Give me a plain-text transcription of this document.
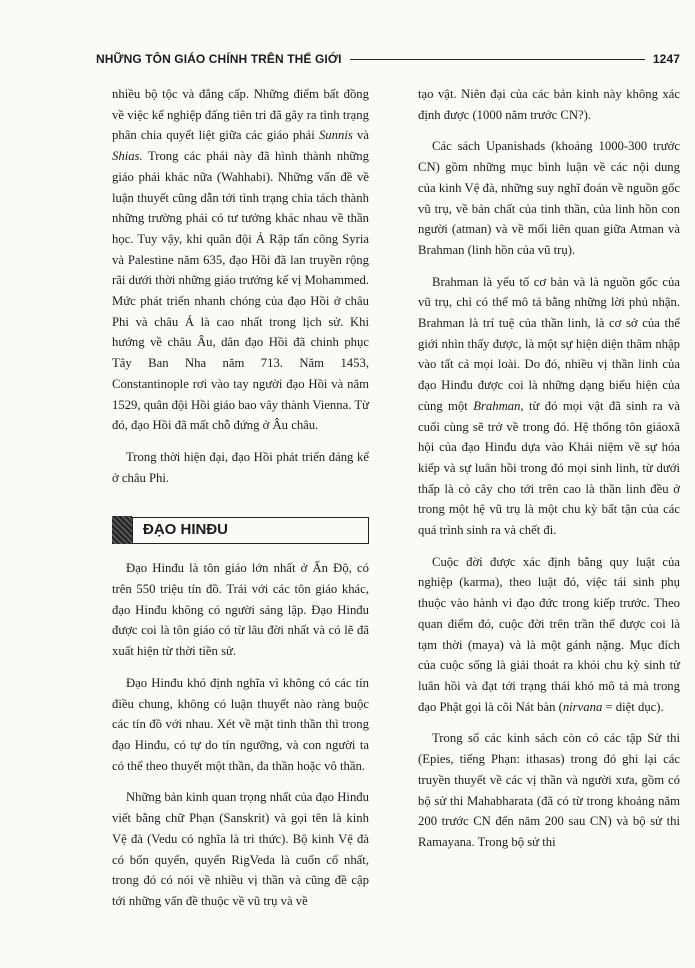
NHỮNG TÔN GIÁO CHÍNH TRÊN THẾ GIỚI	1247

nhiều bộ tộc và đẳng cấp. Những điểm bất đồng về việc kế nghiệp đấng tiên tri đã gây ra tình trạng phân chia quyết liệt giữa các giáo phái Sunnis và Shias. Trong các phái này đã hình thành những giáo phái khác nữa (Wahhabi). Những vấn đề về luận thuyết cũng dẫn tới tình trạng chia tách thành những trường phái có tư tưởng khác nhau về thần học. Tuy vậy, khi quân đội Ả Rập tấn công Syria và Palestine năm 635, đạo Hồi đã lan truyền rộng rãi dưới thời những giáo trưởng kế vị Mohammed. Mức phát triển nhanh chóng của đạo Hồi ở châu Phi và châu Á là cao nhất trong lịch sử. Khi hướng về châu Âu, dân đạo Hồi đã chinh phục Tây Ban Nha năm 713. Năm 1453, Constantinople rơi vào tay người đạo Hồi và năm 1529, quân đội Hồi giáo bao vây thành Vienna. Từ đó, đạo Hồi đã mất chỗ đứng ở Âu châu.

Trong thời hiện đại, đạo Hồi phát triển đáng kể ở châu Phi.

ĐẠO HINĐU

Đạo Hinđu là tôn giáo lớn nhất ở Ấn Độ, có trên 550 triệu tín đồ. Trái với các tôn giáo khác, đạo Hinđu không có người sáng lập. Đạo Hinđu được coi là tôn giáo có từ lâu đời nhất và có lẽ đã xuất hiện từ thời tiền sử.

Đạo Hinđu khó định nghĩa vì không có các tín điều chung, không có luận thuyết nào ràng buộc các tín đồ với nhau. Xét về mặt tinh thần thì trong đạo Hinđu, có tự do tín ngưỡng, và con người ta có thể theo thuyết một thần, đa thần hoặc vô thần.

Những bản kinh quan trọng nhất của đạo Hinđu viết bằng chữ Phạn (Sanskrit) và gọi tên là kinh Vệ đà (Vedu có nghĩa là tri thức). Bộ kinh Vệ đà có bốn quyển, quyển RigVeda là cuốn cổ nhất, trong đó có nói về nhiều vị thần và cũng đề cập tới những vấn đề thuộc về vũ trụ và về

tạo vật. Niên đại của các bản kinh này không xác định được (1000 năm trước CN?).

Các sách Upanishads (khoảng 1000-300 trước CN) gồm những mục bình luận về các nội dung của kinh Vệ đà, những suy nghĩ đoán về nguồn gốc vũ trụ, về bản chất của tinh thần, của linh hồn con người (atman) và về mối liên quan giữa Atman và Brahman (linh hồn của vũ trụ).

Brahman là yếu tố cơ bản và là nguồn gốc của vũ trụ, chỉ có thể mô tả bằng những lời phủ nhận. Brahman là trí tuệ của thần linh, là cơ sở của thế giới nhìn thấy được, là một sự hiện diện thâm nhập vào tất cả mọi loài. Do đó, nhiều vị thần linh của đạo Hinđu được coi là những dạng biểu hiện của cùng một Brahman, từ đó mọi vật đã sinh ra và cuối cùng sẽ trở về trong đó. Hệ thống tôn giáoxã hội của đạo Hinđu dựa vào Khái niệm về sự hóa kiếp và sự luân hồi trong đó mọi sinh linh, từ dưới thấp là cỏ cây cho tới trên cao là thần linh đều ở trong một hệ vũ trụ là một chu kỳ bất tận của các quá trình sinh ra và chết đi.

Cuộc đời được xác định bằng quy luật của nghiệp (karma), theo luật đó, việc tái sinh phụ thuộc vào hành vi đạo đức trong kiếp trước. Theo quan điểm đó, cuộc đời trên trần thế được coi là tạm thời (maya) và là một gánh nặng. Mục đích của cuộc sống là giải thoát ra khỏi chu kỳ sinh tử luân hồi và đạt tới trạng thái khó mô tả mà trong đạo Phật gọi là cõi Nát bàn (nirvana = diệt dục).

Trong số các kinh sách còn có các tập Sử thi (Epies, tiếng Phạn: ithasas) trong đó ghi lại các truyền thuyết về các vị thần và người xưa, gồm có bộ sử thi Mahabharata (đã có từ trong khoảng năm 200 trước CN đến năm 200 sau CN) và bộ sử thi Ramayana. Trong bộ sử thi
